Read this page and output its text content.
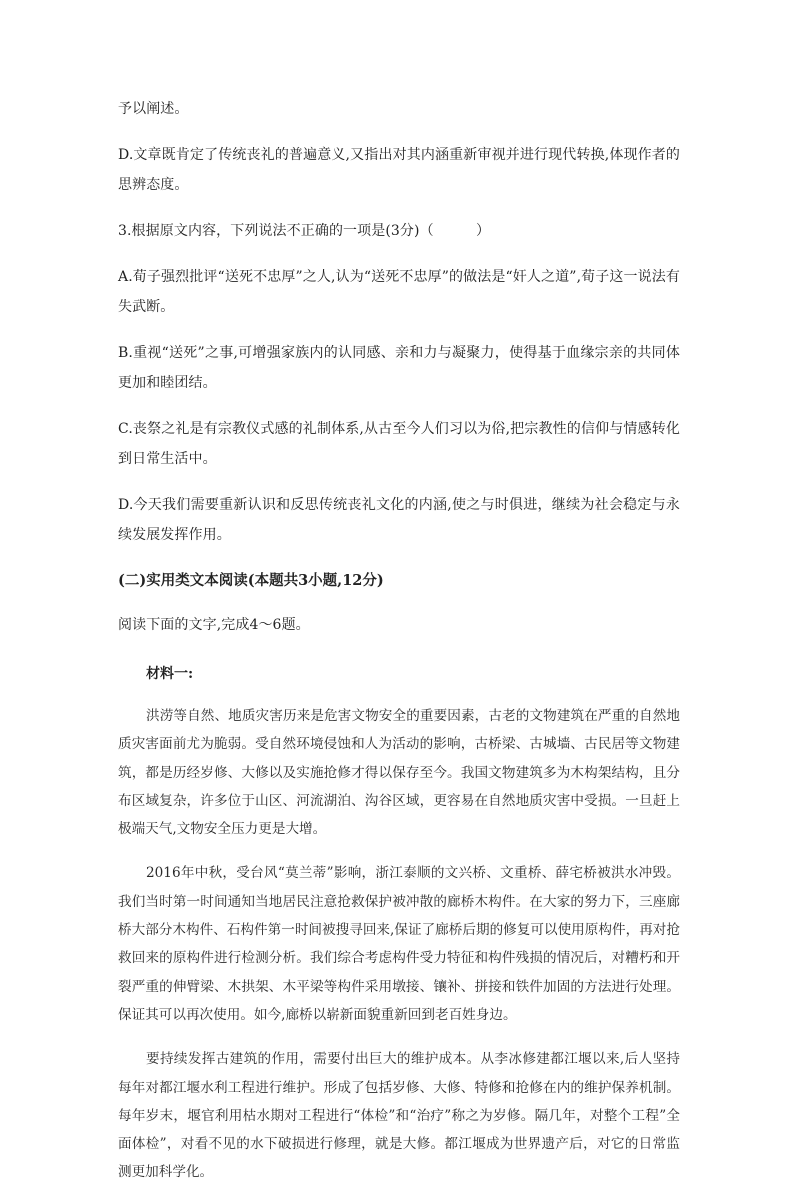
予以阐述。

D.文章既肯定了传统丧礼的普遍意义,又指出对其内涵重新审视并进行现代转换,体现作者的思辨态度。

3.根据原文内容，下列说法不正确的一项是(3分)（　　　）

A.荀子强烈批评“送死不忠厚”之人,认为“送死不忠厚”的做法是“奸人之道”,荀子这一说法有失武断。

B.重视“送死”之事,可增强家族内的认同感、亲和力与凝聚力，使得基于血缘宗亲的共同体更加和睦团结。

C.丧祭之礼是有宗教仪式感的礼制体系,从古至今人们习以为俗,把宗教性的信仰与情感转化到日常生活中。

D.今天我们需要重新认识和反思传统丧礼文化的内涵,使之与时俱进，继续为社会稳定与永续发展发挥作用。

(二)实用类文本阅读(本题共3小题,12分)

阅读下面的文字,完成4～6题。

材料一:

洪涝等自然、地质灾害历来是危害文物安全的重要因素，古老的文物建筑在严重的自然地质灾害面前尤为脆弱。受自然环境侵蚀和人为活动的影响，古桥梁、古城墙、古民居等文物建筑，都是历经岁修、大修以及实施抢修才得以保存至今。我国文物建筑多为木构架结构，且分布区域复杂，许多位于山区、河流湖泊、沟谷区域，更容易在自然地质灾害中受损。一旦赶上极端天气,文物安全压力更是大增。

2016年中秋，受台风“莫兰蒂”影响，浙江泰顺的文兴桥、文重桥、薛宅桥被洪水冲毁。我们当时第一时间通知当地居民注意抢救保护被冲散的廊桥木构件。在大家的努力下，三座廊桥大部分木构件、石构件第一时间被搜寻回来,保证了廊桥后期的修复可以使用原构件，再对抢救回来的原构件进行检测分析。我们综合考虑构件受力特征和构件残损的情况后，对糟朽和开裂严重的伸臂梁、木拱架、木平梁等构件采用墩接、镶补、拼接和铁件加固的方法进行处理。保证其可以再次使用。如今,廊桥以崭新面貌重新回到老百姓身边。

要持续发挥古建筑的作用，需要付出巨大的维护成本。从李冰修建都江堰以来,后人坚持每年对都江堰水利工程进行维护。形成了包括岁修、大修、特修和抢修在内的维护保养机制。每年岁末，堰官利用枯水期对工程进行“体检”和“治疗”称之为岁修。隔几年，对整个工程”全面体检”，对看不见的水下破损进行修理，就是大修。都江堰成为世界遗产后，对它的日常监测更加科学化。
